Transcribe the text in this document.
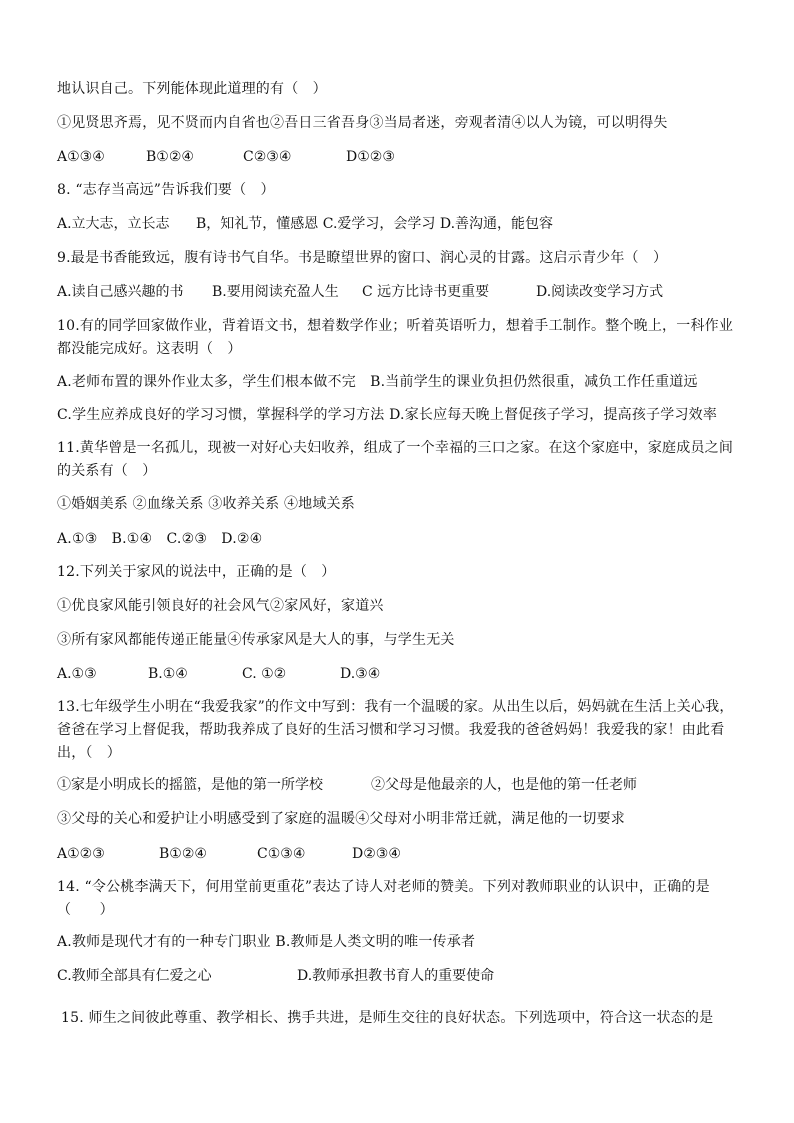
地认识自己。下列能体现此道理的有（　）
①见贤思齐焉，见不贤而内自省也②吾日三省吾身③当局者迷，旁观者清④以人为镜，可以明得失
A①③④	B①②④	C②③④	D①②③
8. “志存当高远”告诉我们要（　）
A.立大志，立长志 B，知礼节，懂感恩 C.爱学习，会学习 D.善沟通，能包容
9.最是书香能致远，腹有诗书气自华。书是瞭望世界的窗口、润心灵的甘露。这启示青少年（　）
A.读自己感兴趣的书 B.要用阅读充盈人生 C 远方比诗书更重要	D.阅读改变学习方式
10.有的同学回家做作业，背着语文书，想着数学作业；听着英语听力，想着手工制作。整个晚上，一科作业都没能完成好。这表明（　）
A.老师布置的课外作业太多，学生们根本做不完　B.当前学生的课业负担仍然很重，减负工作任重道远
C.学生应养成良好的学习习惯，掌握科学的学习方法 D.家长应每天晚上督促孩子学习，提高孩子学习效率
11.黄华曾是一名孤儿，现被一对好心夫妇收养，组成了一个幸福的三口之家。在这个家庭中，家庭成员之间的关系有（　）
①婚姻美系 ②血缘关系 ③收养关系 ④地域关系
A.①③　B.①④　C.②③　D.②④
12.下列关于家风的说法中，正确的是（　）
①优良家风能引领良好的社会风气②家风好，家道兴
③所有家风都能传递正能量④传承家风是大人的事，与学生无关
A.①③	B.①④	C. ①②	D.③④
13.七年级学生小明在“我爱我家”的作文中写到：我有一个温暖的家。从出生以后，妈妈就在生活上关心我，爸爸在学习上督促我，帮助我养成了良好的生活习惯和学习习惯。我爱我的爸爸妈妈！我爱我的家！由此看出，（　）
①家是小明成长的摇篮，是他的第一所学校	②父母是他最亲的人，也是他的第一任老师
③父母的关心和爱护让小明感受到了家庭的温暖④父母对小明非常迁就，满足他的一切要求
A①②③	B①②④	C①③④	D②③④
14. “令公桃李满天下，何用堂前更重花”表达了诗人对老师的赞美。下列对教师职业的认识中，正确的是（　　）
A.教师是现代才有的一种专门职业 B.教师是人类文明的唯一传承者
C.教师全部具有仁爱之心	D.教师承担教书育人的重要使命
15. 师生之间彼此尊重、教学相长、携手共进，是师生交往的良好状态。下列选项中，符合这一状态的是
